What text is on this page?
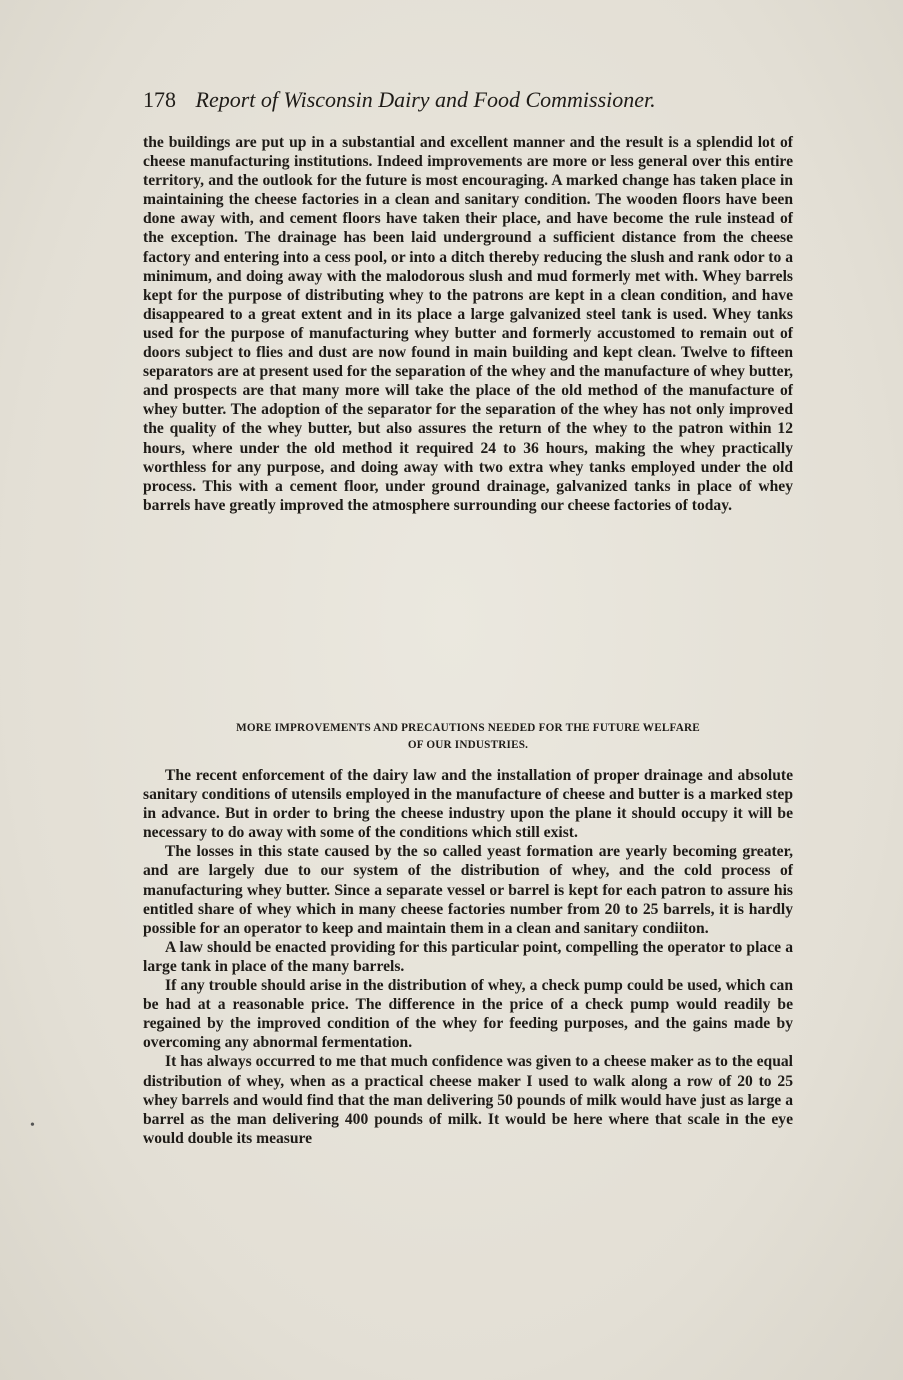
178 Report of Wisconsin Dairy and Food Commissioner.

the buildings are put up in a substantial and excellent manner and the result is a splendid lot of cheese manufacturing institutions. Indeed improvements are more or less general over this entire territory, and the outlook for the future is most encouraging. A marked change has taken place in maintaining the cheese factories in a clean and sanitary condition. The wooden floors have been done away with, and cement floors have taken their place, and have become the rule instead of the exception. The drainage has been laid underground a sufficient distance from the cheese factory and entering into a cess pool, or into a ditch thereby reducing the slush and rank odor to a minimum, and doing away with the malodorous slush and mud formerly met with. Whey barrels kept for the purpose of distributing whey to the patrons are kept in a clean condition, and have disappeared to a great extent and in its place a large galvanized steel tank is used. Whey tanks used for the purpose of manufacturing whey butter and formerly accustomed to remain out of doors subject to flies and dust are now found in main building and kept clean. Twelve to fifteen separators are at present used for the separation of the whey and the manufacture of whey butter, and prospects are that many more will take the place of the old method of the manufacture of whey butter. The adoption of the separator for the separation of the whey has not only improved the quality of the whey butter, but also assures the return of the whey to the patron within 12 hours, where under the old method it required 24 to 36 hours, making the whey practically worthless for any purpose, and doing away with two extra whey tanks employed under the old process. This with a cement floor, under ground drainage, galvanized tanks in place of whey barrels have greatly improved the atmosphere surrounding our cheese factories of today.

MORE IMPROVEMENTS AND PRECAUTIONS NEEDED FOR THE FUTURE WELFARE
OF OUR INDUSTRIES.

The recent enforcement of the dairy law and the installation of proper drainage and absolute sanitary conditions of utensils employed in the manufacture of cheese and butter is a marked step in advance. But in order to bring the cheese industry upon the plane it should occupy it will be necessary to do away with some of the conditions which still exist.

The losses in this state caused by the so called yeast formation are yearly becoming greater, and are largely due to our system of the distribution of whey, and the cold process of manufacturing whey butter. Since a separate vessel or barrel is kept for each patron to assure his entitled share of whey which in many cheese factories number from 20 to 25 barrels, it is hardly possible for an operator to keep and maintain them in a clean and sanitary condiiton.

A law should be enacted providing for this particular point, compelling the operator to place a large tank in place of the many barrels.

If any trouble should arise in the distribution of whey, a check pump could be used, which can be had at a reasonable price. The difference in the price of a check pump would readily be regained by the improved condition of the whey for feeding purposes, and the gains made by overcoming any abnormal fermentation.

It has always occurred to me that much confidence was given to a cheese maker as to the equal distribution of whey, when as a practical cheese maker I used to walk along a row of 20 to 25 whey barrels and would find that the man delivering 50 pounds of milk would have just as large a barrel as the man delivering 400 pounds of milk. It would be here where that scale in the eye would double its measure

•
